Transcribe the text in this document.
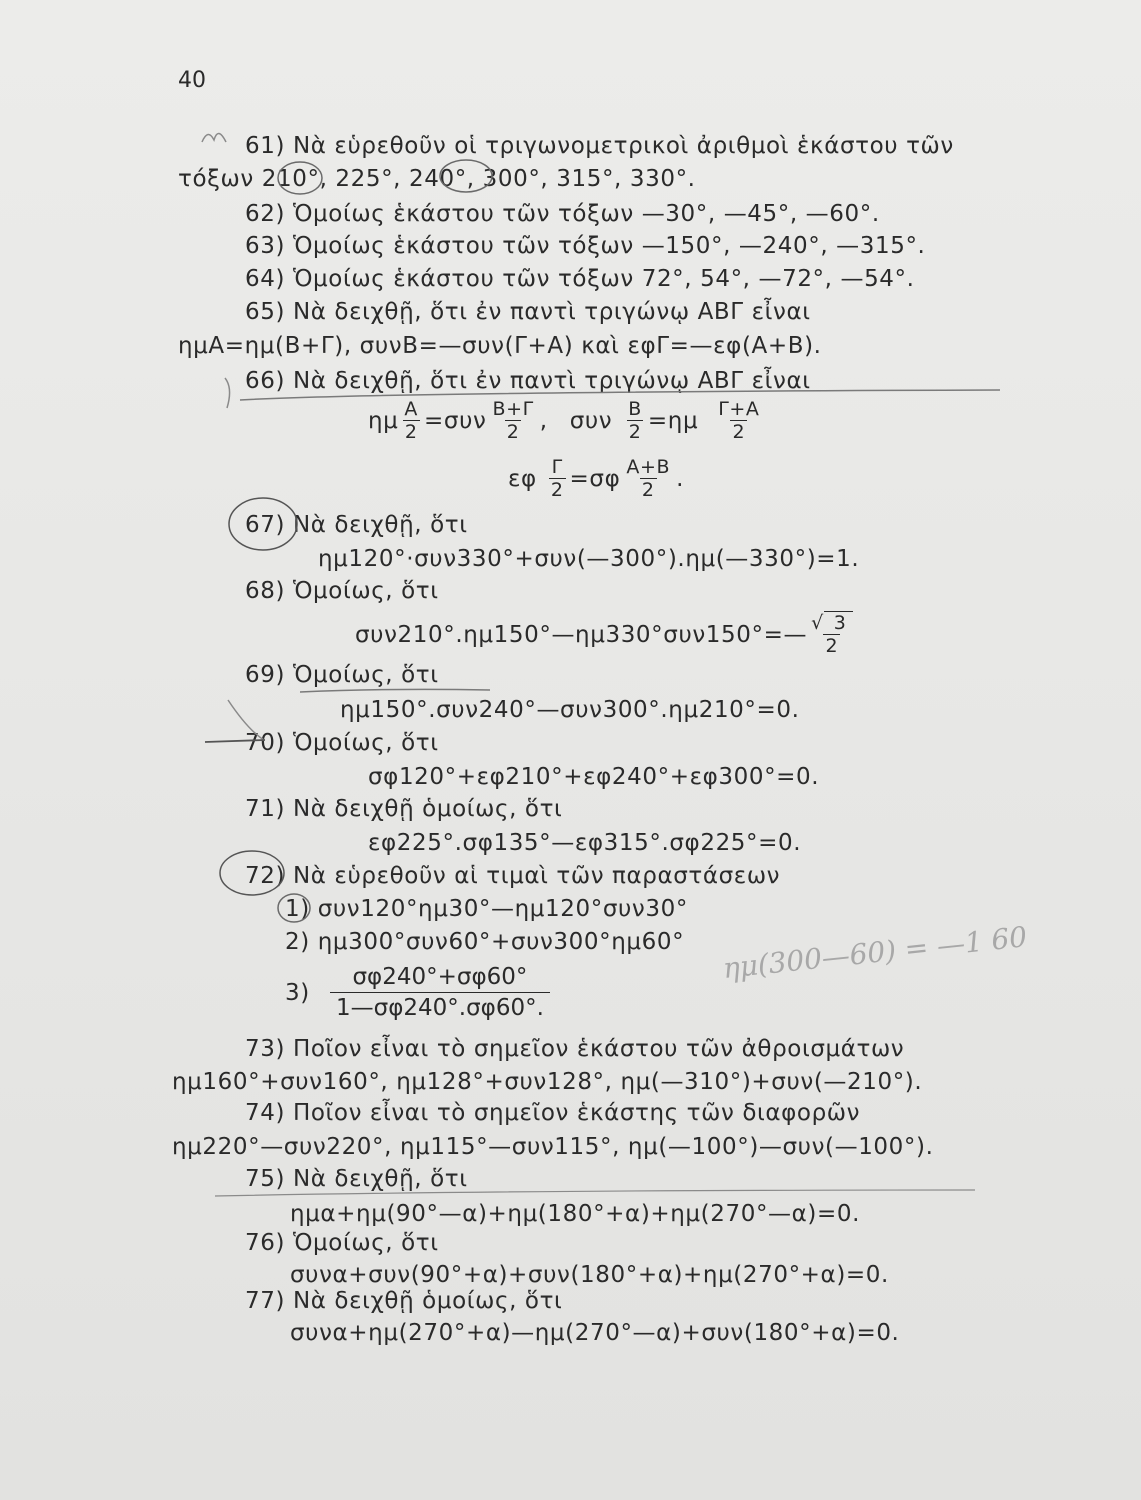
40
61) Νὰ εὑρεθοῦν οἱ τριγωνομετρικοὶ ἀριθμοὶ ἑκάστου τῶν
τόξων 210°, 225°, 240°, 300°, 315°, 330°.
62) Ὁμοίως ἑκάστου τῶν τόξων —30°, —45°, —60°.
63) Ὁμοίως ἑκάστου τῶν τόξων —150°, —240°, —315°.
64) Ὁμοίως ἑκάστου τῶν τόξων 72°, 54°, —72°, —54°.
65) Νὰ δειχθῇ, ὅτι ἐν παντὶ τριγώνῳ ΑΒΓ εἶναι
ημΑ=ημ(Β+Γ), συνΒ=—συν(Γ+Α) καὶ εφΓ=—εφ(Α+Β).
66) Νὰ δειχθῇ, ὅτι ἐν παντὶ τριγώνῳ ΑΒΓ εἶναι
ημ $\frac{A}{2} =\sigma\upsilon\nu \frac{B+\Gamma}{2}$ , συν $\frac{B}{2} =\eta\mu \frac{\Gamma+A}{2}$
εφ $\frac{\Gamma}{2} =\sigma\varphi \frac{A+B}{2}$ .
67) Νὰ δειχθῇ, ὅτι
ημ120°·συν330°+συν(—300°).ημ(—330°)=1.
68) Ὁμοίως, ὅτι
συν210°.ημ150°—ημ330°συν150°=— $\frac{√ 3}{2}$
69) Ὁμοίως, ὅτι
ημ150°.συν240°—συν300°.ημ210°=0.
70) Ὁμοίως, ὅτι
σφ120°+εφ210°+εφ240°+εφ300°=0.
71) Νὰ δειχθῇ ὁμοίως, ὅτι
εφ225°.σφ135°—εφ315°.σφ225°=0.
72) Νὰ εὑρεθοῦν αἱ τιμαὶ τῶν παραστάσεων
1) συν120°ημ30°—ημ120°συν30°
2) ημ300°συν60°+συν300°ημ60°
$3) \frac{\sigma\varphi 240^\circ+\sigma\varphi 60^\circ}{1—\sigma\varphi 240^\circ.\sigma\varphi 60^\circ.}$
73) Ποῖον εἶναι τὸ σημεῖον ἑκάστου τῶν ἀθροισμάτων
ημ160°+συν160°, ημ128°+συν128°, ημ(—310°)+συν(—210°).
74) Ποῖον εἶναι τὸ σημεῖον ἑκάστης τῶν διαφορῶν
ημ220°—συν220°, ημ115°—συν115°, ημ(—100°)—συν(—100°).
75) Νὰ δειχθῇ, ὅτι
ημα+ημ(90°—α)+ημ(180°+α)+ημ(270°—α)=0.
76) Ὁμοίως, ὅτι
συνα+συν(90°+α)+συν(180°+α)+ημ(270°+α)=0.
77) Νὰ δειχθῇ ὁμοίως, ὅτι
συνα+ημ(270°+α)—ημ(270°—α)+συν(180°+α)=0.
ημ(300—60) = —1 60
